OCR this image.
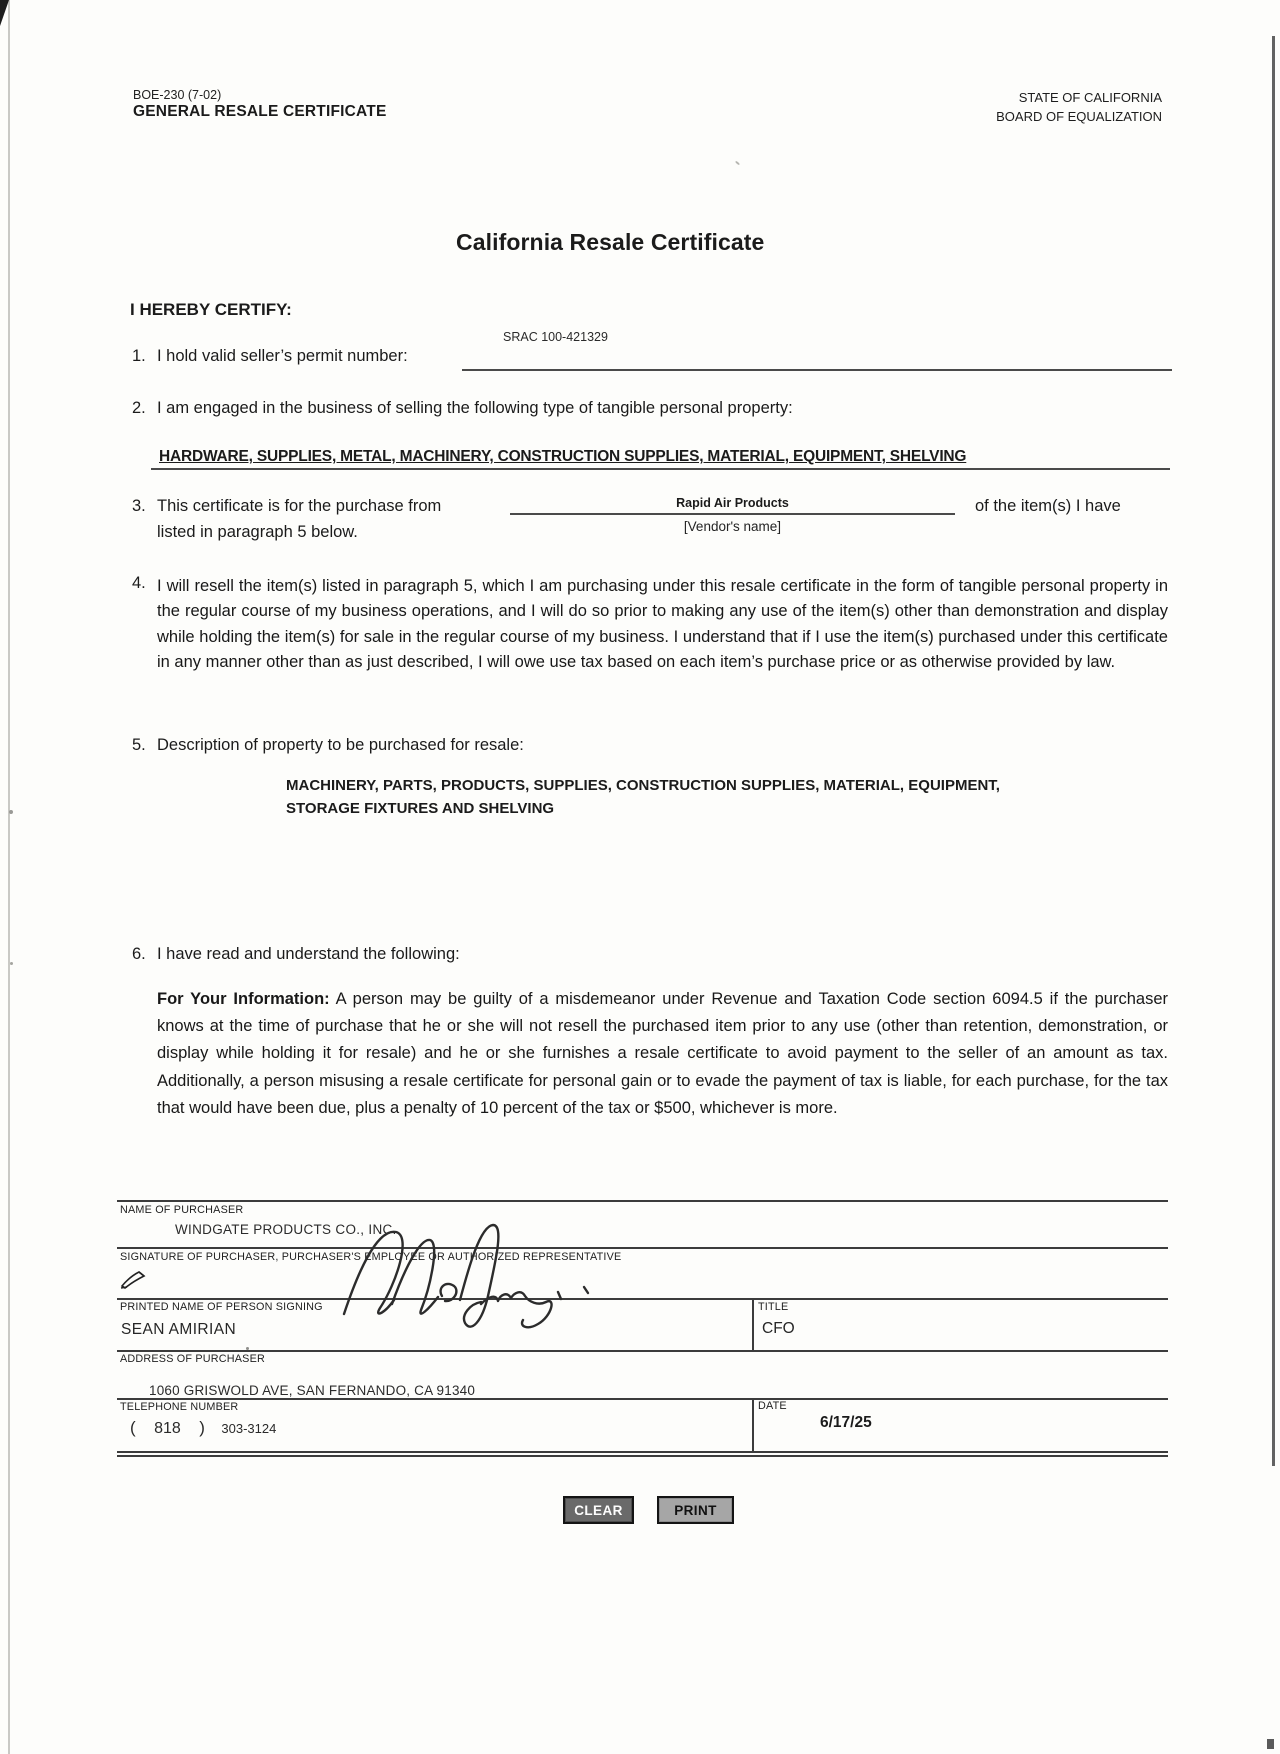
BOE-230 (7-02)
GENERAL RESALE CERTIFICATE
STATE OF CALIFORNIA
BOARD OF EQUALIZATION
California Resale Certificate
I HEREBY CERTIFY:
SRAC 100-421329
1. I hold valid seller’s permit number:
2. I am engaged in the business of selling the following type of tangible personal property:
HARDWARE, SUPPLIES, METAL, MACHINERY, CONSTRUCTION SUPPLIES, MATERIAL, EQUIPMENT, SHELVING
3. This certificate is for the purchase from	Rapid Air Products	of the item(s) I have
listed in paragraph 5 below.	[Vendor's name]
4. I will resell the item(s) listed in paragraph 5, which I am purchasing under this resale certificate in the form of tangible personal property in the regular course of my business operations, and I will do so prior to making any use of the item(s) other than demonstration and display while holding the item(s) for sale in the regular course of my business. I understand that if I use the item(s) purchased under this certificate in any manner other than as just described, I will owe use tax based on each item’s purchase price or as otherwise provided by law.
5. Description of property to be purchased for resale:
MACHINERY, PARTS, PRODUCTS, SUPPLIES, CONSTRUCTION SUPPLIES, MATERIAL, EQUIPMENT,
STORAGE FIXTURES AND SHELVING
6. I have read and understand the following:
For Your Information: A person may be guilty of a misdemeanor under Revenue and Taxation Code section 6094.5 if the purchaser knows at the time of purchase that he or she will not resell the purchased item prior to any use (other than retention, demonstration, or display while holding it for resale) and he or she furnishes a resale certificate to avoid payment to the seller of an amount as tax. Additionally, a person misusing a resale certificate for personal gain or to evade the payment of tax is liable, for each purchase, for the tax that would have been due, plus a penalty of 10 percent of the tax or $500, whichever is more.
NAME OF PURCHASER
WINDGATE PRODUCTS CO., INC.
SIGNATURE OF PURCHASER, PURCHASER'S EMPLOYEE OR AUTHORIZED REPRESENTATIVE
PRINTED NAME OF PERSON SIGNING	TITLE
SEAN AMIRIAN	CFO
ADDRESS OF PURCHASER
1060 GRISWOLD AVE, SAN FERNANDO, CA 91340
TELEPHONE NUMBER	DATE
( 818 ) 303-3124	6/17/25
CLEAR	PRINT
